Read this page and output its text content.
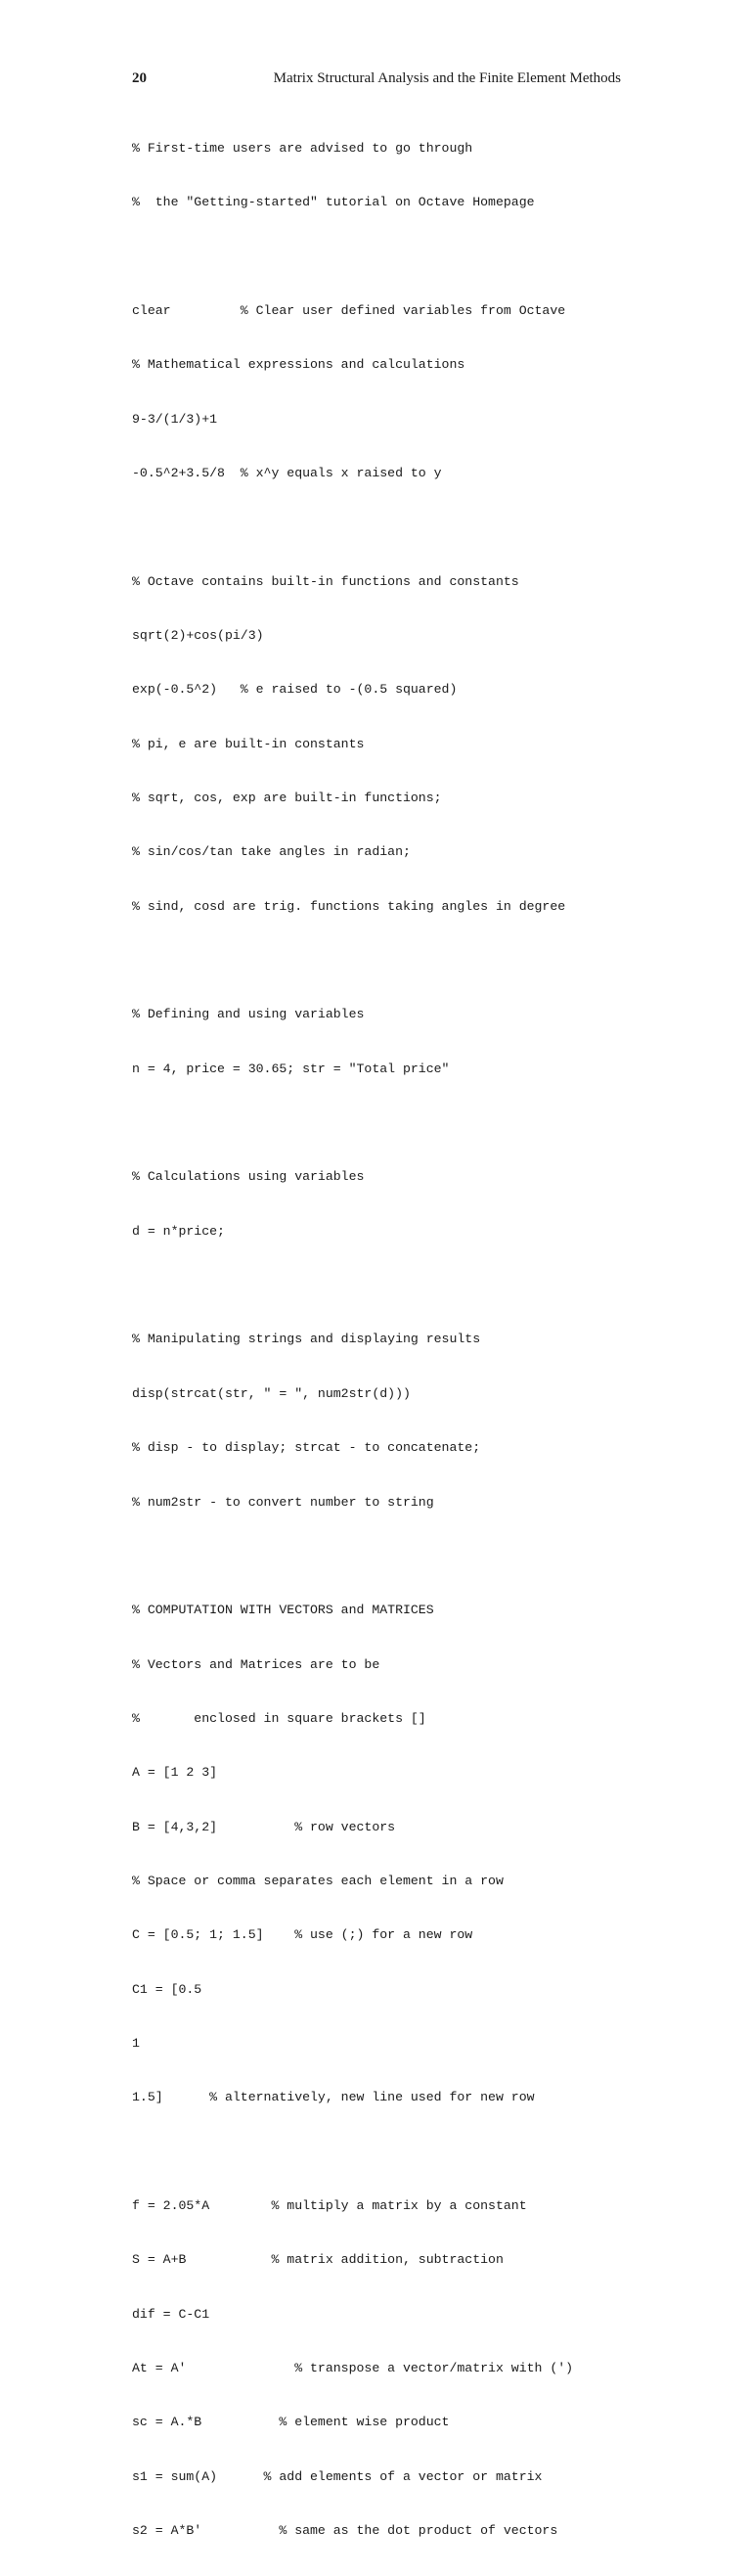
20	Matrix Structural Analysis and the Finite Element Methods

% First-time users are advised to go through

%  the "Getting-started" tutorial on Octave Homepage

clear         % Clear user defined variables from Octave

% Mathematical expressions and calculations

9-3/(1/3)+1

-0.5^2+3.5/8  % x^y equals x raised to y

% Octave contains built-in functions and constants

sqrt(2)+cos(pi/3)

exp(-0.5^2)   % e raised to -(0.5 squared)

% pi, e are built-in constants

% sqrt, cos, exp are built-in functions;

% sin/cos/tan take angles in radian;

% sind, cosd are trig. functions taking angles in degree

% Defining and using variables

n = 4, price = 30.65; str = "Total price"

% Calculations using variables

d = n*price;

% Manipulating strings and displaying results

disp(strcat(str, " = ", num2str(d)))

% disp - to display; strcat - to concatenate;

% num2str - to convert number to string

% COMPUTATION WITH VECTORS and MATRICES

% Vectors and Matrices are to be

%       enclosed in square brackets []

A = [1 2 3]

B = [4,3,2]          % row vectors

% Space or comma separates each element in a row

C = [0.5; 1; 1.5]    % use (;) for a new row

C1 = [0.5

1

1.5]      % alternatively, new line used for new row

f = 2.05*A        % multiply a matrix by a constant

S = A+B           % matrix addition, subtraction

dif = C-C1

At = A'              % transpose a vector/matrix with (')

sc = A.*B          % element wise product

s1 = sum(A)      % add elements of a vector or matrix

s2 = A*B'          % same as the dot product of vectors
